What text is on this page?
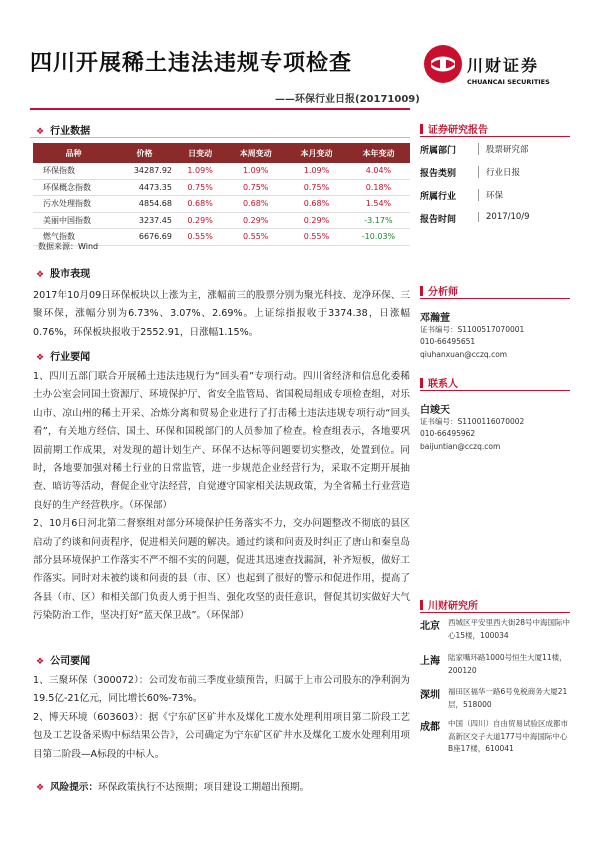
四川开展稀土违法违规专项检查
——环保行业日报(20171009)
川财证券
CHUANCAI SECURITIES
❖ 行业数据
品种	价格	日变动	本周变动	本月变动	本年变动
环保指数	34287.92	1.09%	1.09%	1.09%	4.04%
环保概念指数	4473.35	0.75%	0.75%	0.75%	0.18%
污水处理指数	4854.68	0.68%	0.68%	0.68%	1.54%
美丽中国指数	3237.45	0.29%	0.29%	0.29%	-3.17%
燃气指数	6676.69	0.55%	0.55%	0.55%	-10.03%
数据来源：Wind
❖ 股市表现

2017年10月09日环保板块以上涨为主，涨幅前三的股票分别为聚光科技、龙净环保、三聚环保，涨幅分别为6.73%、3.07%、2.69%。上证综指报收于3374.38，日涨幅0.76%，环保板块报收于2552.91，日涨幅1.15%。

❖ 行业要闻

1、四川五部门联合开展稀土违法违规行为“回头看”专项行动。四川省经济和信息化委稀土办公室会同国土资源厅、环境保护厅、省安全监管局、省国税局组成专项检查组，对乐山市、凉山州的稀土开采、冶炼分离和贸易企业进行了打击稀土违法违规专项行动“回头看”，有关地方经信、国土、环保和国税部门的人员参加了检查。检查组表示，各地要巩固前期工作成果，对发现的超计划生产、环保不达标等问题要切实整改，处置到位。同时，各地要加强对稀土行业的日常监管，进一步规范企业经营行为，采取不定期开展抽查、暗访等活动，督促企业守法经营，自觉遵守国家相关法规政策，为全省稀土行业营造良好的生产经营秩序。（环保部）

2、10月6日河北第二督察组对部分环境保护任务落实不力，交办问题整改不彻底的县区启动了约谈和问责程序，促进相关问题的解决。通过约谈和问责及时纠正了唐山和秦皇岛部分县环境保护工作落实不严不细不实的问题，促进其迅速查找漏洞，补齐短板，做好工作落实。同时对未被约谈和问责的县（市、区）也起到了很好的警示和促进作用，提高了各县（市、区）和相关部门负责人勇于担当、强化攻坚的责任意识，督促其切实做好大气污染防治工作，坚决打好“蓝天保卫战”。（环保部）

❖ 公司要闻

1、三聚环保（300072）：公司发布前三季度业绩预告，归属于上市公司股东的净利润为19.5亿-21亿元，同比增长60%-73%。

2、博天环境（603603）：据《宁东矿区矿井水及煤化工废水处理利用项目第二阶段工艺包及工艺设备采购中标结果公告》，公司确定为宁东矿区矿井水及煤化工废水处理利用项目第二阶段—A标段的中标人。

❖ 风险提示：环保政策执行不达预期；项目建设工期超出预期。
证券研究报告
所属部门	股票研究部
报告类别	行业日报
所属行业	环保
报告时间	2017/10/9
分析师
邓瀚萱
证书编号：S1100517070001
010-66495651
qiuhanxuan@cczq.com
联系人
白竣天
证书编号：S1100116070002
010-66495962
baijuntian@cczq.com
川财研究所
北京 西城区平安里西大街28号中海国际中心15楼，100034
上海 陆家嘴环路1000号恒生大厦11楼，200120
深圳 福田区福华一路6号免税商务大厦21层，518000
成都 中国（四川）自由贸易试验区成都市高新区交子大道177号中海国际中心B座17楼，610041
